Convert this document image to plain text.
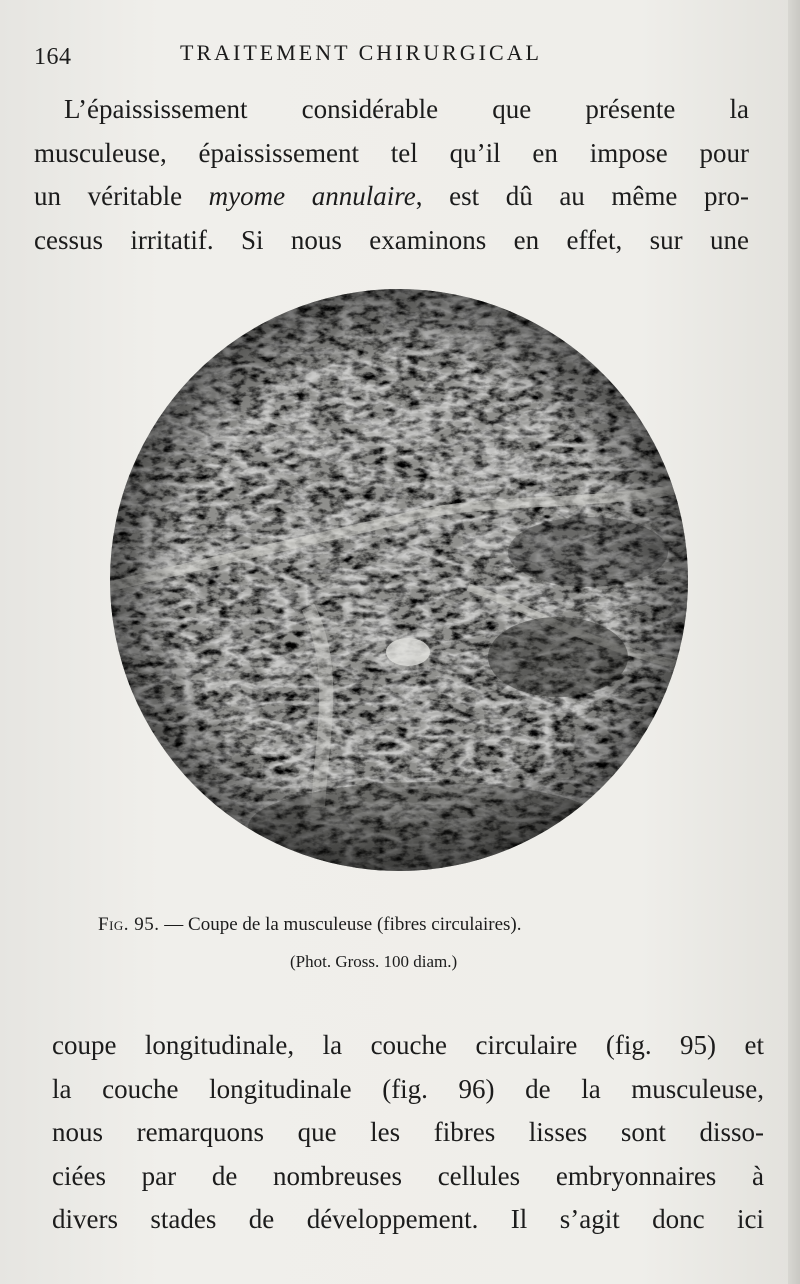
164	TRAITEMENT CHIRURGICAL
L’épaississement considérable que présente la
musculeuse, épaississement tel qu’il en impose pour
un véritable myome annulaire, est dû au même pro-
cessus irritatif. Si nous examinons en effet, sur une
Fig. 95. — Coupe de la musculeuse (fibres circulaires).
(Phot. Gross. 100 diam.)
coupe longitudinale, la couche circulaire (fig. 95) et
la couche longitudinale (fig. 96) de la musculeuse,
nous remarquons que les fibres lisses sont disso-
ciées par de nombreuses cellules embryonnaires à
divers stades de développement. Il s’agit donc ici
